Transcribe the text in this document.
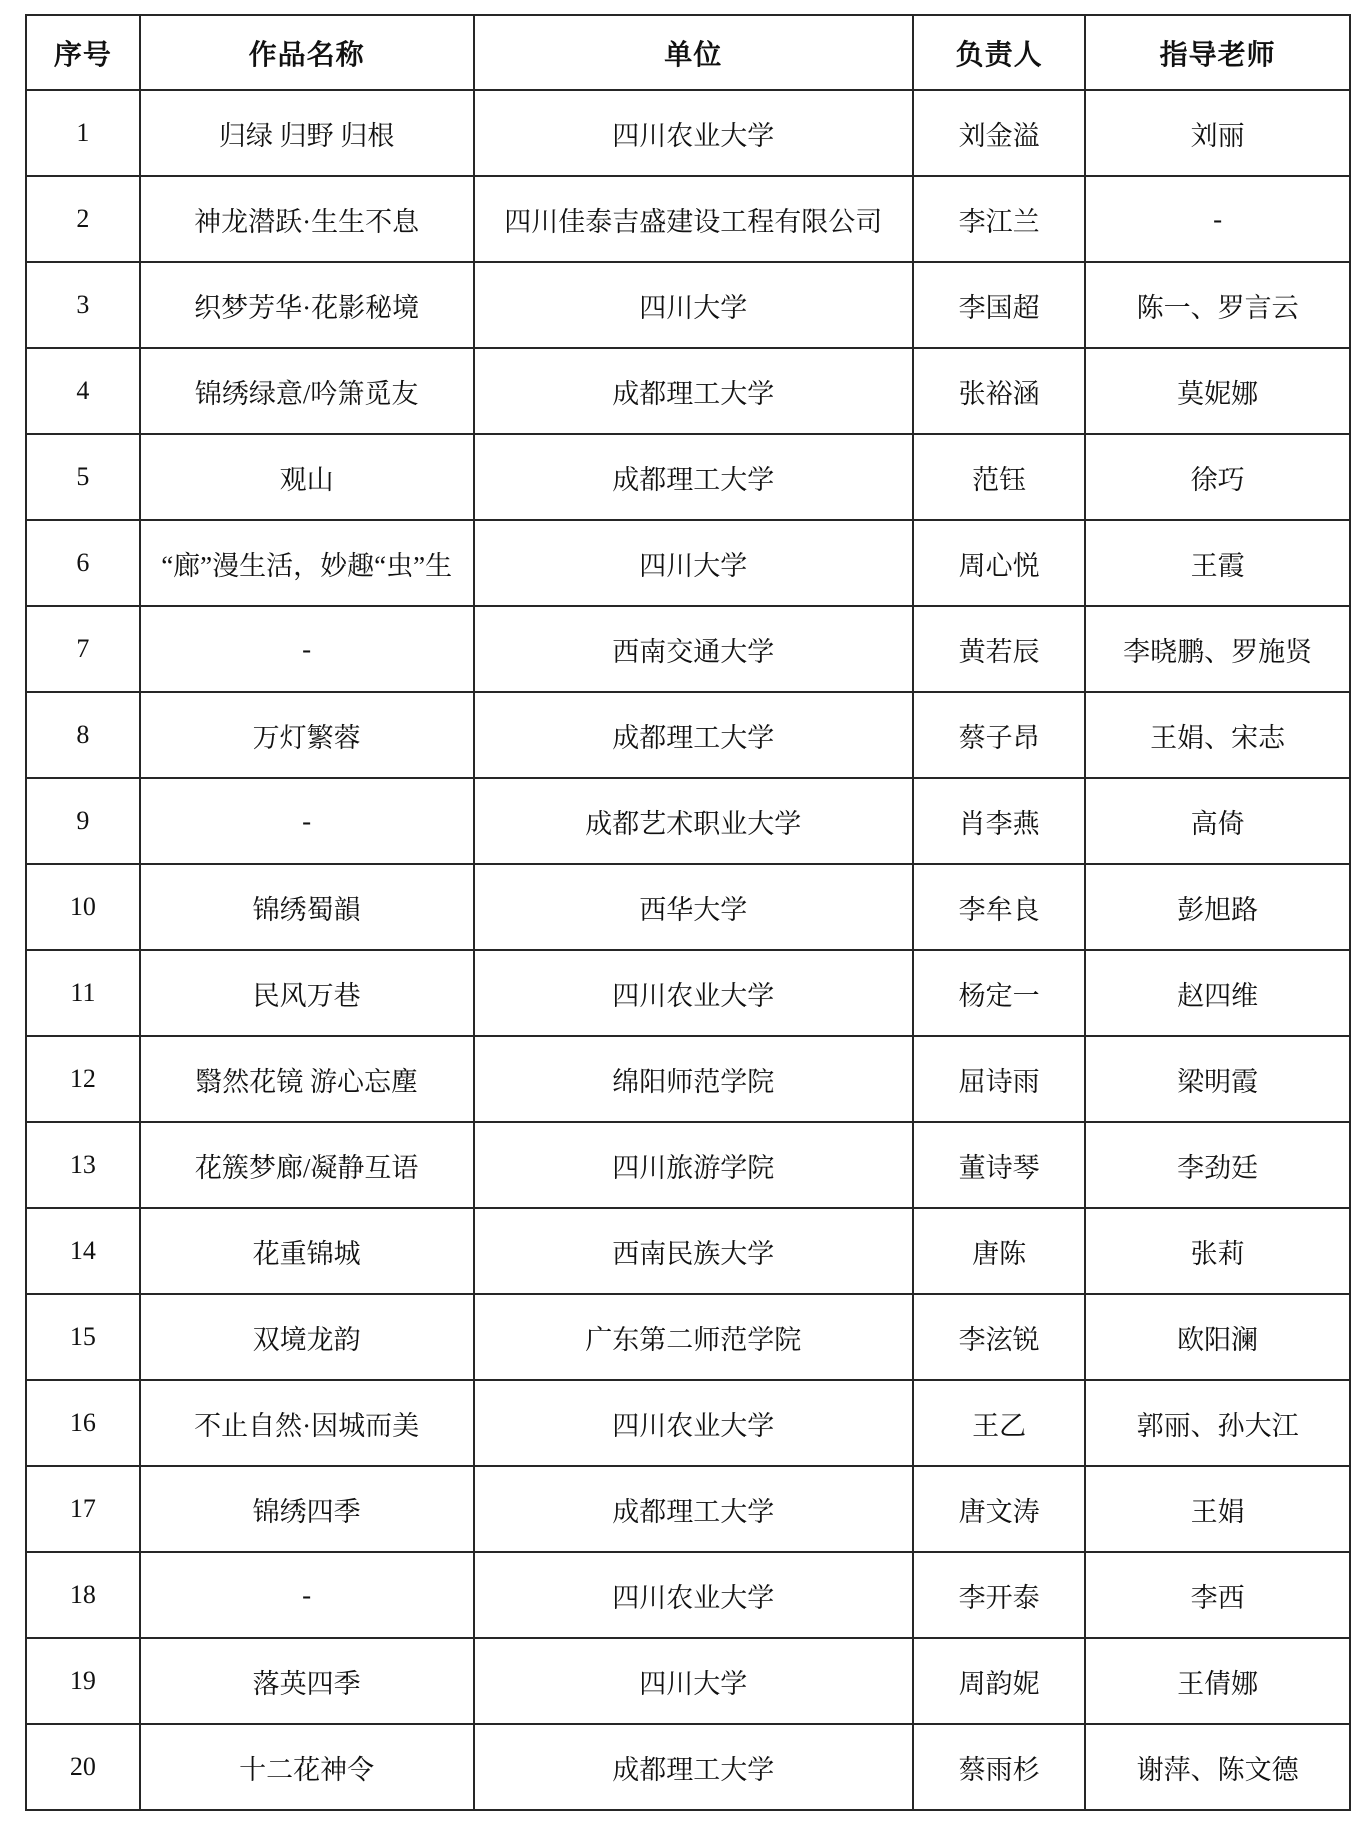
序号	作品名称	单位	负责人	指导老师
1	归绿 归野 归根	四川农业大学	刘金溢	刘丽
2	神龙潜跃·生生不息	四川佳泰吉盛建设工程有限公司	李江兰	-
3	织梦芳华·花影秘境	四川大学	李国超	陈一、罗言云
4	锦绣绿意/吟箫觅友	成都理工大学	张裕涵	莫妮娜
5	观山	成都理工大学	范钰	徐巧
6	“廊”漫生活，妙趣“虫”生	四川大学	周心悦	王霞
7	-	西南交通大学	黄若辰	李晓鹏、罗施贤
8	万灯繁蓉	成都理工大学	蔡子昂	王娟、宋志
9	-	成都艺术职业大学	肖李燕	高倚
10	锦绣蜀韻	西华大学	李牟良	彭旭路
11	民风万巷	四川农业大学	杨定一	赵四维
12	翳然花镜 游心忘塵	绵阳师范学院	屈诗雨	梁明霞
13	花簇梦廊/凝静互语	四川旅游学院	董诗琴	李劲廷
14	花重锦城	西南民族大学	唐陈	张莉
15	双境龙韵	广东第二师范学院	李泫锐	欧阳澜
16	不止自然·因城而美	四川农业大学	王乙	郭丽、孙大江
17	锦绣四季	成都理工大学	唐文涛	王娟
18	-	四川农业大学	李开泰	李西
19	落英四季	四川大学	周韵妮	王倩娜
20	十二花神令	成都理工大学	蔡雨杉	谢萍、陈文德
